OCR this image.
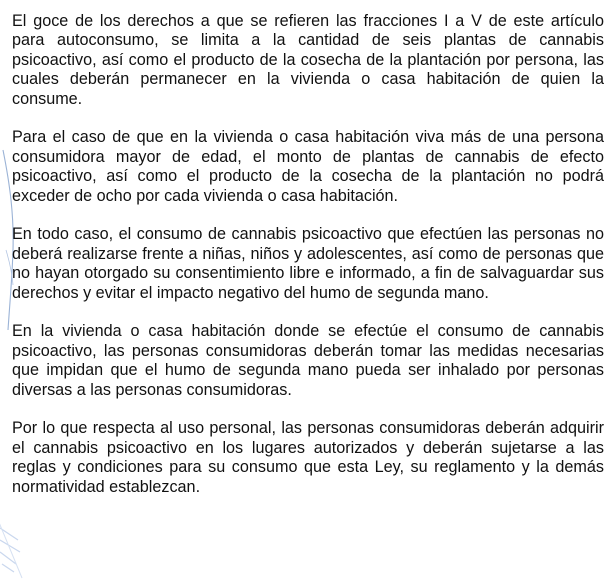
El goce de los derechos a que se refieren las fracciones I a V de este artículo para autoconsumo, se limita a la cantidad de seis plantas de cannabis psicoactivo, así como el producto de la cosecha de la plantación por persona, las cuales deberán permanecer en la vivienda o casa habitación de quien la consume.

Para el caso de que en la vivienda o casa habitación viva más de una persona consumidora mayor de edad, el monto de plantas de cannabis de efecto psicoactivo, así como el producto de la cosecha de la plantación no podrá exceder de ocho por cada vivienda o casa habitación.

En todo caso, el consumo de cannabis psicoactivo que efectúen las personas no deberá realizarse frente a niñas, niños y adolescentes, así como de personas que no hayan otorgado su consentimiento libre e informado, a fin de salvaguardar sus derechos y evitar el impacto negativo del humo de segunda mano.

En la vivienda o casa habitación donde se efectúe el consumo de cannabis psicoactivo, las personas consumidoras deberán tomar las medidas necesarias que impidan que el humo de segunda mano pueda ser inhalado por personas diversas a las personas consumidoras.

Por lo que respecta al uso personal, las personas consumidoras deberán adquirir el cannabis psicoactivo en los lugares autorizados y deberán sujetarse a las reglas y condiciones para su consumo que esta Ley, su reglamento y la demás normatividad establezcan.
